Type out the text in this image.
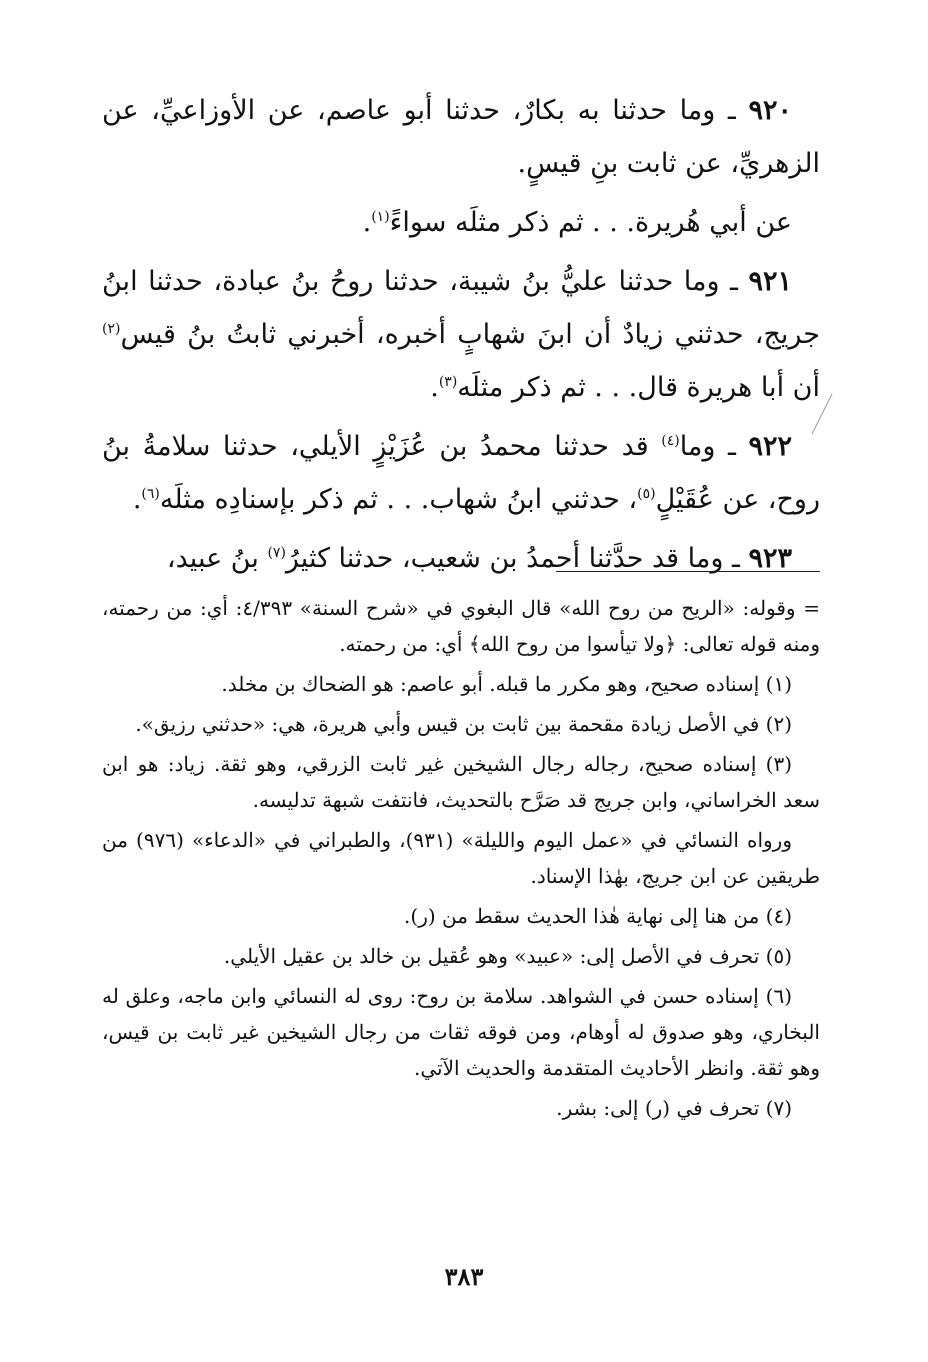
٩٢٠ ـ وما حدثنا به بكارٌ، حدثنا أبو عاصم، عن الأوزاعيِّ، عن الزهريِّ، عن ثابت بنِ قيسٍ.

عن أبي هُريرة. . . ثم ذكر مثلَه سواءً$^{(١)}$.

٩٢١ ـ وما حدثنا عليُّ بنُ شيبة، حدثنا روحُ بنُ عبادة، حدثنا ابنُ جريج، حدثني زيادٌ أن ابنَ شهابٍ أخبره، أخبرني ثابتُ بنُ قيس$^{(٢)}$ أن أبا هريرة قال. . . ثم ذكر مثلَه$^{(٣)}$.

٩٢٢ ـ وما$^{(٤)}$ قد حدثنا محمدُ بن عُزَيْزٍ الأيلي، حدثنا سلامةُ بنُ روح، عن عُقَيْلٍ$^{(٥)}$، حدثني ابنُ شهاب. . . ثم ذكر بإسنادِه مثلَه$^{(٦)}$.

٩٢٣ ـ وما قد حدَّثنا أحمدُ بن شعيب، حدثنا كثيرُ$^{(٧)}$ بنُ عبيد،

= وقوله: «الريح من روح الله» قال البغوي في «شرح السنة» ٤/٣٩٣: أي: من رحمته، ومنه قوله تعالى: ﴿ولا تيأسوا من روح الله﴾ أي: من رحمته.

(١) إسناده صحيح، وهو مكرر ما قبله. أبو عاصم: هو الضحاك بن مخلد.

(٢) في الأصل زيادة مقحمة بين ثابت بن قيس وأبي هريرة، هي: «حدثني رزيق».

(٣) إسناده صحيح، رجاله رجال الشيخين غير ثابت الزرقي، وهو ثقة. زياد: هو ابن سعد الخراساني، وابن جريج قد صَرَّح بالتحديث، فانتفت شبهة تدليسه.

ورواه النسائي في «عمل اليوم والليلة» (٩٣١)، والطبراني في «الدعاء» (٩٧٦) من طريقين عن ابن جريج، بهٰذا الإسناد.

(٤) من هنا إلى نهاية هٰذا الحديث سقط من (ر).

(٥) تحرف في الأصل إلى: «عبيد» وهو عُقيل بن خالد بن عقيل الأيلي.

(٦) إسناده حسن في الشواهد. سلامة بن روح: روى له النسائي وابن ماجه، وعلق له البخاري، وهو صدوق له أوهام، ومن فوقه ثقات من رجال الشيخين غير ثابت بن قيس، وهو ثقة. وانظر الأحاديث المتقدمة والحديث الآتي.

(٧) تحرف في (ر) إلى: بشر.

٣٨٣
